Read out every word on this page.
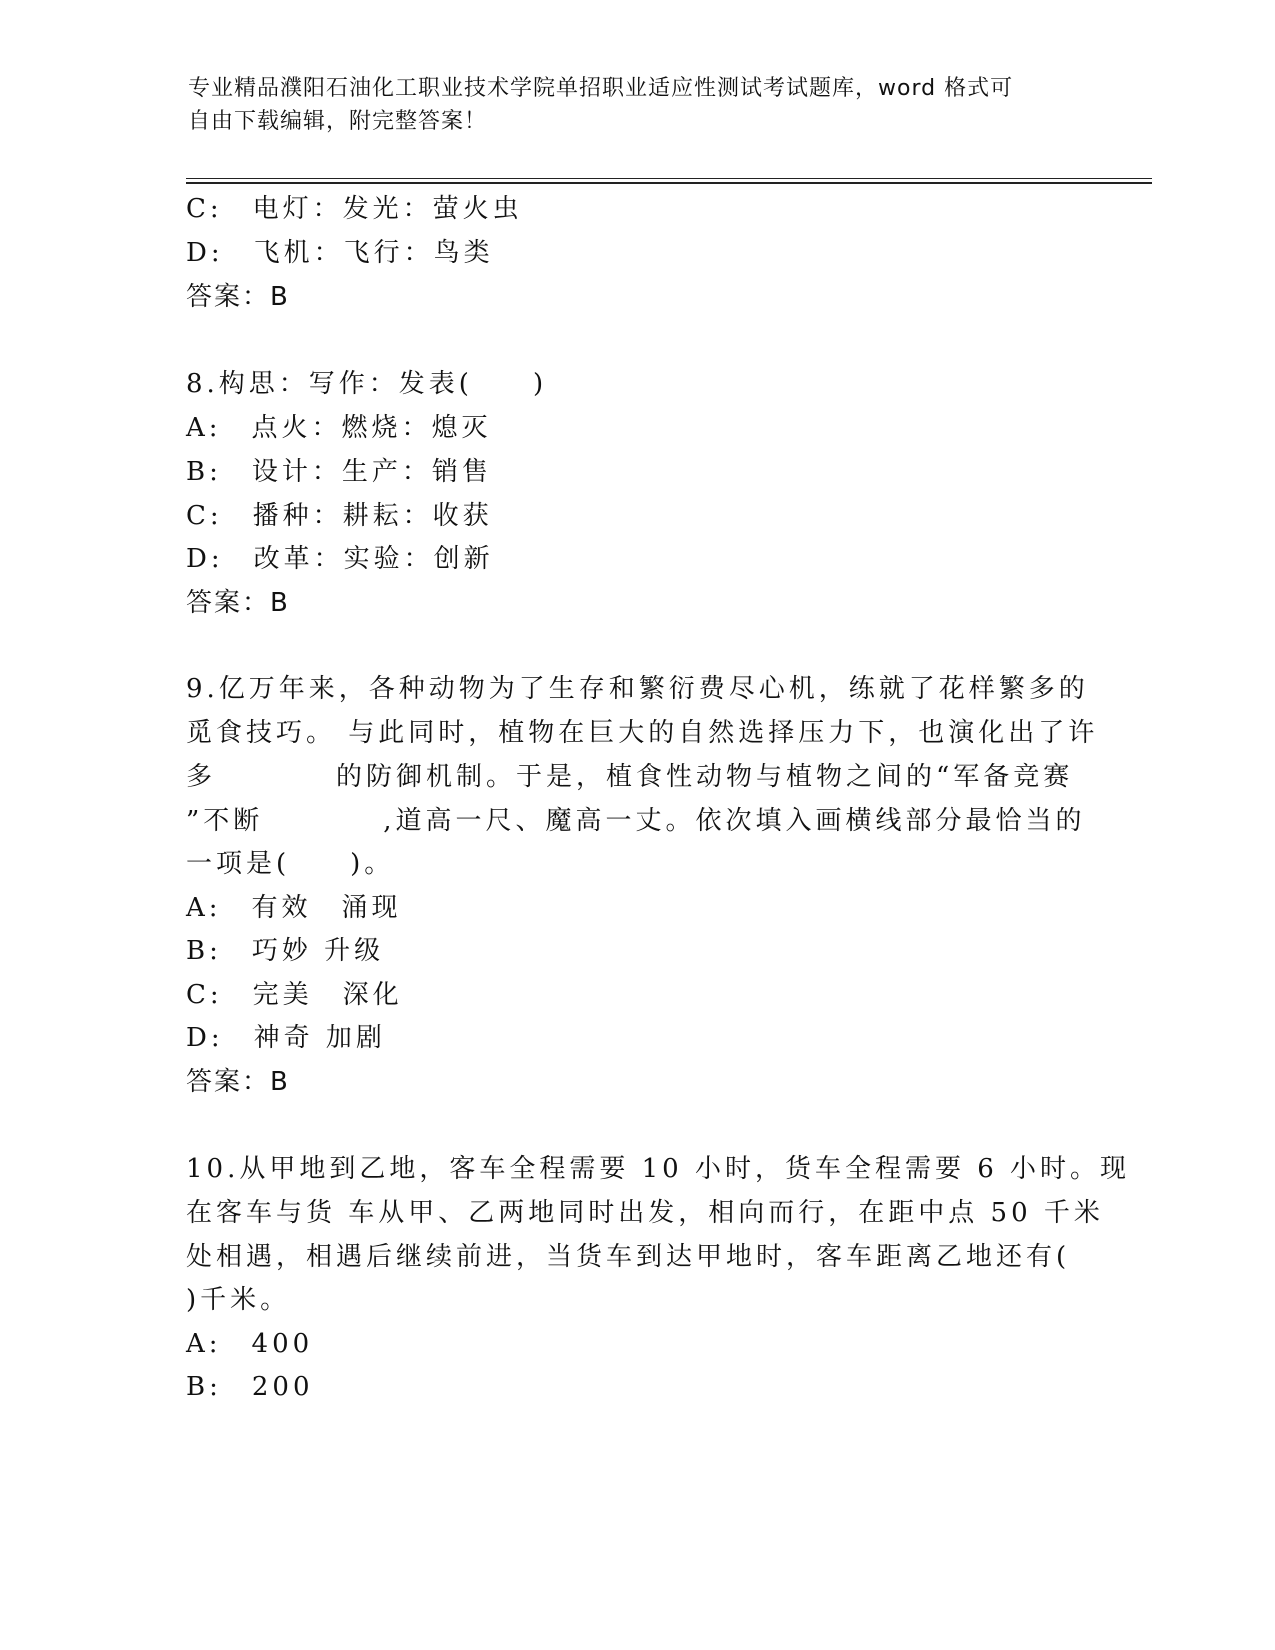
专业精品濮阳石油化工职业技术学院单招职业适应性测试考试题库，word 格式可
自由下载编辑，附完整答案！
C:　电灯：发光：萤火虫
D:　飞机：飞行：鸟类
答案：B
8.构思：写作：发表(　　)
A:　点火：燃烧：熄灭
B:　设计：生产：销售
C:　播种：耕耘：收获
D:　改革：实验：创新
答案：B
9.亿万年来，各种动物为了生存和繁衍费尽心机，练就了花样繁多的
觅食技巧。 与此同时，植物在巨大的自然选择压力下，也演化出了许
多　　　　的防御机制。于是，植食性动物与植物之间的“军备竞赛
”不断　　　　,道高一尺、魔高一丈。依次填入画横线部分最恰当的
一项是(　　)。
A:　有效　涌现
B:　巧妙 升级
C:　完美　深化
D:　神奇 加剧
答案：B
10.从甲地到乙地，客车全程需要 10 小时，货车全程需要 6 小时。现
在客车与货 车从甲、乙两地同时出发，相向而行，在距中点 50 千米
处相遇，相遇后继续前进，当货车到达甲地时，客车距离乙地还有(
)千米。
A:　400
B:　200
